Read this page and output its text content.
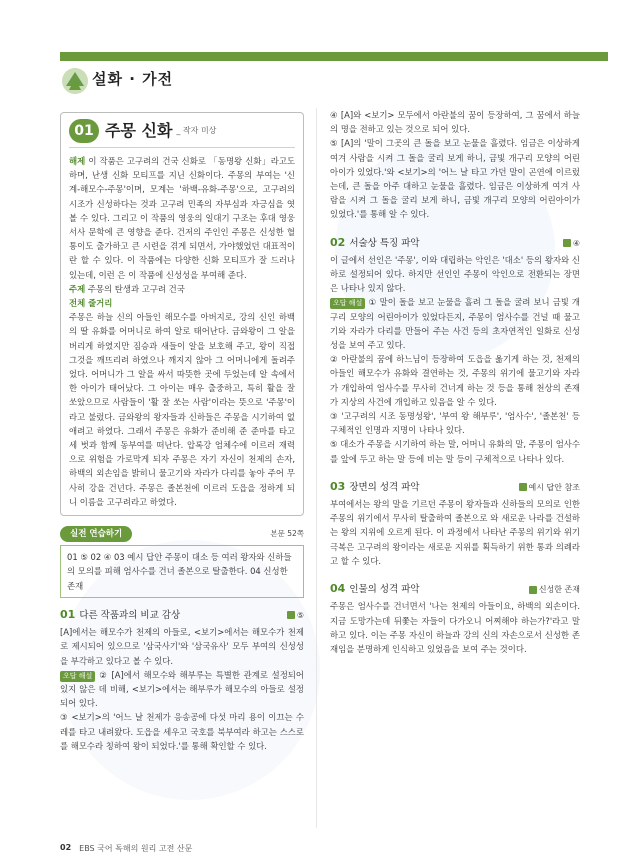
설화 · 가전
01 주몽 신화 _ 작자 미상

해제 이 작품은 고구려의 건국 신화로 「동명왕 신화」라고도 하며, 난생 신화 모티프를 지닌 신화이다. 주몽의 부여는 '신계-해모수-주몽'이며, 모계는 '하백-유화-주몽'으로, 고구려의 시조가 신성하다는 것과 고구려 민족의 자부심과 자긍심을 엿볼 수 있다. 그리고 이 작품의 영웅의 일대기 구조는 후대 영웅 서사 문학에 큰 영향을 준다. 건저의 주인인 주몽은 신성한 혈통이도 출가하고 큰 시련을 겪게 되면서, 가야했었던 대표적이란 할 수 있다. 이 작품에는 다양한 신화 모티프가 잘 드러나 있는데, 이런 은 이 작품에 신성성을 부여해 준다.

주제 주몽의 탄생과 고구려 건국

전체 줄거리

주몽은 하늘 신의 아들인 해모수를 아버지로, 강의 신인 하백의 딸 유화를 어머니로 하여 알로 태어난다. 금와왕이 그 알을 버리게 하였지만 짐승과 새들이 알을 보호해 주고, 왕이 직접 그것을 깨뜨리려 하였으나 깨지지 않아 그 어머니에게 돌려주었다. 어머니가 그 알을 싸서 따뜻한 곳에 두었는데 알 속에서 한 아이가 태어났다. 그 아이는 매우 출중하고, 특히 활을 잘 쏘았으므로 사람들이 '활 잘 쏘는 사람'이라는 뜻으로 '주몽'이라고 불렀다. 금와왕의 왕자들과 신하들은 주몽을 시기하여 없애려고 하였다. 그래서 주몽은 유화가 준비해 준 준마를 타고 세 벗과 함께 동부여를 떠난다. 압록강 엄체수에 이르러 재력으로 위험을 가로막게 되자 주몽은 자기 자신이 천제의 손자, 하백의 외손임을 밝히니 물고기와 자라가 다리를 놓아 주어 무사히 강을 건넌다. 주몽은 졸본천에 이르러 도읍을 정하게 되니 이름을 고구려라고 하였다.

실전 연습하기	본문 52쪽
01 ⑤ 02 ④ 03 예시 답안 주몽이 대소 등 여러 왕자와 신하들의 모의를 피해 엄사수를 건너 졸본으로 탈출한다. 04 신성한 존재
01 다른 작품과의 비교 감상	⑤

[A]에서는 해모수가 천제의 아들로, <보기>에서는 해모수가 천제로 제시되어 있으므로 '삼국사기'와 '삼국유사' 모두 부여의 신성성을 부각하고 있다고 볼 수 있다.

오답 해설 ② [A]에서 해모수와 해부루는 특별한 관계로 설정되어 있지 않은 데 비해, <보기>에서는 해부루가 해모수의 아들로 설정되어 있다.

③ <보기>의 '어느 날 천제가 응송공에 다섯 마리 용이 이끄는 수레를 타고 내려왔다. 도읍을 세우고 국호를 북부여라 하고는 스스로를 해모수라 칭하여 왕이 되었다.'를 통해 확인할 수 있다.

④ [A]와 <보기> 모두에서 아란불의 꿈이 등장하여, 그 꿈에서 하늘의 명을 전하고 있는 것으로 되어 있다.

⑤ [A]의 '말이 그곳의 큰 돌을 보고 눈물을 흘렸다. 임금은 이상하게 여겨 사람을 시켜 그 돌을 굴리 보게 하니, 금빛 개구리 모양의 어린아이가 있었다.'와 <보기>의 '어느 날 타고 가던 말이 곤연에 이르렀는데, 큰 돌을 아주 대하고 눈물을 흘렸다. 임금은 이상하게 여겨 사람을 시켜 그 돌을 굴리 보게 하니, 금빛 개구리 모양의 어린아이가 있었다.'를 통해 알 수 있다.

02 서술상 특징 파악	④

이 글에서 선인은 '주몽', 이와 대립하는 악인은 '대소' 등의 왕자와 신하로 설정되어 있다. 하지만 선인인 주몽이 악인으로 전환되는 장면은 나타나 있지 않다.

오답 해설 ① 말이 돌을 보고 눈물을 흘려 그 돌을 굴려 보니 금빛 개구리 모양의 어린아이가 있었다든지, 주몽이 엄사수를 건널 때 물고기와 자라가 다리를 만들어 주는 사건 등의 초자연적인 일화로 신성성을 보여 주고 있다.

② 아란불의 꿈에 하느님이 등장하여 도읍을 옮기게 하는 것, 천제의 아들인 해모수가 유화와 결연하는 것, 주몽의 위기에 물고기와 자라가 개입하여 엄사수를 무사히 건너게 하는 것 등을 통해 천상의 존재가 지상의 사건에 개입하고 있음을 알 수 있다.

③ '고구려의 시조 동명성왕', '부여 왕 해부루', '엄사수', '졸본천' 등 구체적인 인명과 지명이 나타나 있다.

⑤ 대소가 주몽을 시기하여 하는 말, 어머니 유화의 말, 주몽이 엄사수를 앞에 두고 하는 말 등에 비는 말 등이 구체적으로 나타나 있다.

03 장면의 성격 파악	예시 답안 참조

부여에서는 왕의 말을 기르던 주몽이 왕자들과 신하들의 모의로 인한 주몽의 위기에서 무사히 탈출하여 졸본으로 와 새로운 나라를 건설하는 왕의 지위에 오르게 된다. 이 과정에서 나타난 주몽의 위기와 위기 극복은 고구려의 왕이라는 새로운 지위를 획득하기 위한 통과 의례라고 할 수 있다.

04 인물의 성격 파악	신성한 존재

주몽은 엄사수를 건너면서 '나는 천제의 아들이요, 하백의 외손이다. 지금 도망가는데 뒤쫓는 자들이 다가오니 어찌해야 하는가?'라고 말하고 있다. 이는 주몽 자신이 하늘과 강의 신의 자손으로서 신성한 존재임을 분명하게 인식하고 있었음을 보여 주는 것이다.

02 EBS 국어 독해의 원리 고전 산문
